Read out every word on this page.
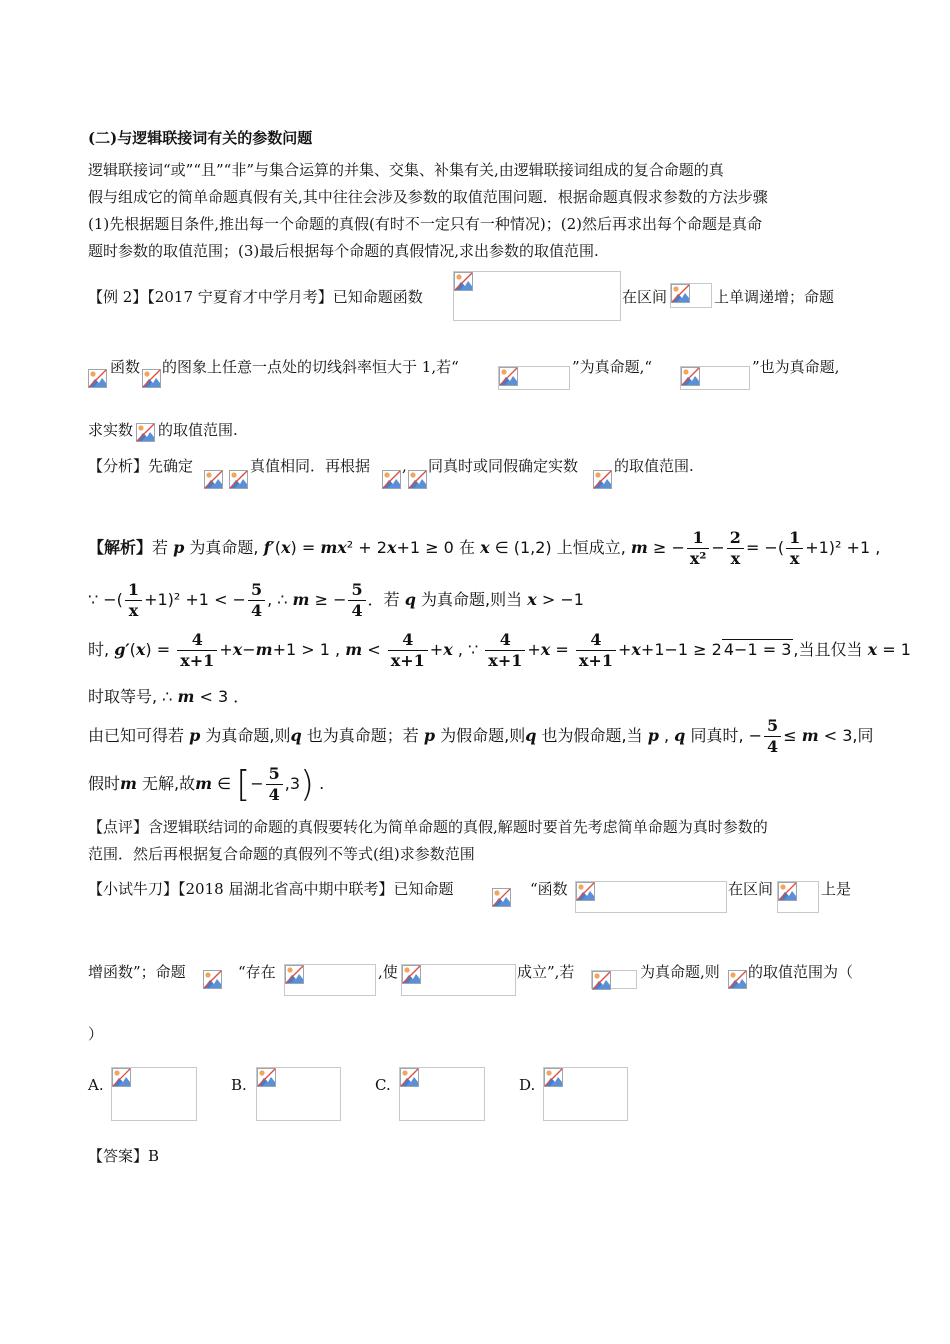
(二)与逻辑联接词有关的参数问题
逻辑联接词“或”“且”“非”与集合运算的并集、交集、补集有关,由逻辑联接词组成的复合命题的真
假与组成它的简单命题真假有关,其中往往会涉及参数的取值范围问题．根据命题真假求参数的方法步骤
(1)先根据题目条件,推出每一个命题的真假(有时不一定只有一种情况)；(2)然后再求出每个命题是真命
题时参数的取值范围；(3)最后根据每个命题的真假情况,求出参数的取值范围.
【例 2】【2017 宁夏育才中学月考】已知命题函数	在区间	上单调递增；命题
函数 的图象上任意一点处的切线斜率恒大于 1,若“	”为真命题,“	”也为真命题,
求实数 的取值范围.
【分析】先确定	真值相同．再根据 , 同真时或同假确定实数 的取值范围.
【解析】若 p 为真命题, f′(x) = mx² + 2x+1 ≥ 0 在 x ∈ (1,2) 上恒成立, m ≥ − $\frac{1}{\text{x²}} - \frac{2}{x}$ = −( $\frac{1}{x} +1)^2 +1$ ,
∵ −( $\frac{1}{x} +1)^2 +1$ < − $\frac{5}{4}$ , ∴ m ≥ − $\frac{5}{4}$ ．若 q 为真命题,则当 x > −1
时, $g'(x) = \frac{4}{x+1} +x-m+1 > 1$ , $m < \frac{4}{x+1} +x$ , ∵ $\frac{4}{x+1} +x = \frac{4}{x+1} +x+1-1 \ge 2$ 4−1 = 3 ,当且仅当 x = 1
时取等号, ∴ m < 3 ．
由已知可得若 p 为真命题,则q 也为真命题；若 p 为假命题,则q 也为假命题,当 p , q 同真时, − $\frac{5}{4} \le m < 3$,同
假时m 无解,故m ∈ [− $\frac{5}{4} ,3$) .
【点评】含逻辑联结词的命题的真假要转化为简单命题的真假,解题时要首先考虑简单命题为真时参数的
范围．然后再根据复合命题的真假列不等式(组)求参数范围
【小试牛刀】【2018 届湖北省高中期中联考】已知命题	“函数	在区间	上是
增函数”；命题	“存在	,使	成立”,若	为真命题,则 的取值范围为（
）
A.	B.	C.	D.
【答案】B
